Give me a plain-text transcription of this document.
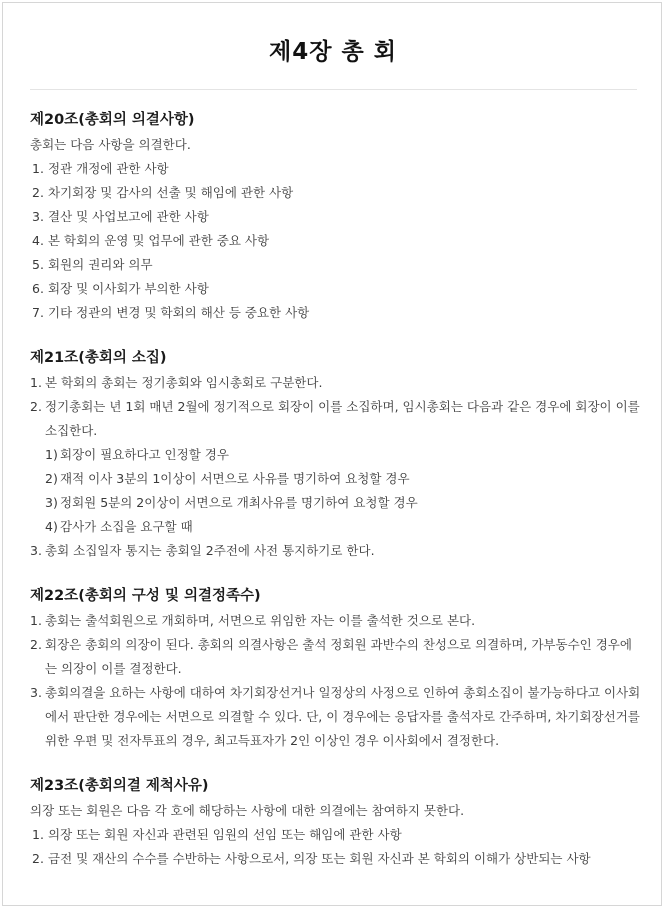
제4장 총 회
제20조(총회의 의결사항)

총회는 다음 사항을 의결한다.

1. 정관 개정에 관한 사항
2. 차기회장 및 감사의 선출 및 해임에 관한 사항
3. 결산 및 사업보고에 관한 사항
4. 본 학회의 운영 및 업무에 관한 중요 사항
5. 회원의 권리와 의무
6. 회장 및 이사회가 부의한 사항
7. 기타 정관의 변경 및 학회의 해산 등 중요한 사항
제21조(총회의 소집)
1. 본 학회의 총회는 정기총회와 임시총회로 구분한다.
2. 정기총회는 년 1회 매년 2월에 정기적으로 회장이 이를 소집하며, 임시총회는 다음과 같은 경우에 회장이 이를 소집한다.
1) 회장이 필요하다고 인정할 경우
2) 재적 이사 3분의 1이상이 서면으로 사유를 명기하여 요청할 경우
3) 정회원 5분의 2이상이 서면으로 개최사유를 명기하여 요청할 경우
4) 감사가 소집을 요구할 때
3. 총회 소집일자 통지는 총회일 2주전에 사전 통지하기로 한다.
제22조(총회의 구성 및 의결정족수)
1. 총회는 출석회원으로 개회하며, 서면으로 위임한 자는 이를 출석한 것으로 본다.
2. 회장은 총회의 의장이 된다. 총회의 의결사항은 출석 정회원 과반수의 찬성으로 의결하며, 가부동수인 경우에는 의장이 이를 결정한다.
3. 총회의결을 요하는 사항에 대하여 차기회장선거나 일정상의 사정으로 인하여 총회소집이 불가능하다고 이사회에서 판단한 경우에는 서면으로 의결할 수 있다. 단, 이 경우에는 응답자를 출석자로 간주하며, 차기회장선거를 위한 우편 및 전자투표의 경우, 최고득표자가 2인 이상인 경우 이사회에서 결정한다.
제23조(총회의결 제척사유)

의장 또는 회원은 다음 각 호에 해당하는 사항에 대한 의결에는 참여하지 못한다.

1. 의장 또는 회원 자신과 관련된 임원의 선임 또는 해임에 관한 사항
2. 금전 및 재산의 수수를 수반하는 사항으로서, 의장 또는 회원 자신과 본 학회의 이해가 상반되는 사항
